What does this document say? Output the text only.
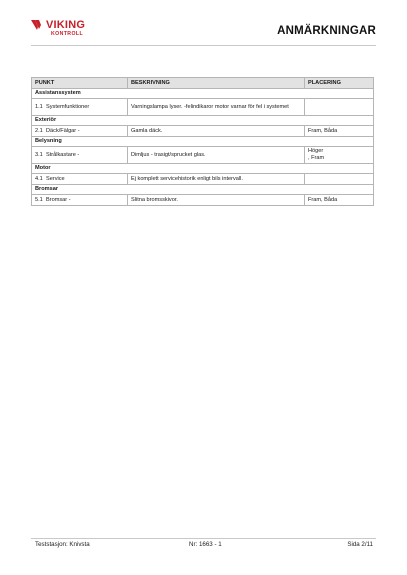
VIKING
KONTROLL	ANMÄRKNINGAR
PUNKT	BESKRIVNING	PLACERING
Assistanssystem		
1.1 Systemfunktioner	Varningslampa lyser. -felindikaror motor varnar för fel i systemet	
Exteriör		
2.1 Däck/Fälgar -	Gamla däck.	Fram, Båda
Belysning		
3.1 Strålkastare -	Dimljus - trasigt/sprucket glas.	Höger
, Fram
Motor		
4.1 Service	Ej komplett servicehistorik enligt bils intervall.	
Bromsar		
5.1 Bromsar -	Slitna bromsskivor.	Fram, Båda
Teststasjon: Knivsta	Nr: 1663 - 1	Sida 2/11
